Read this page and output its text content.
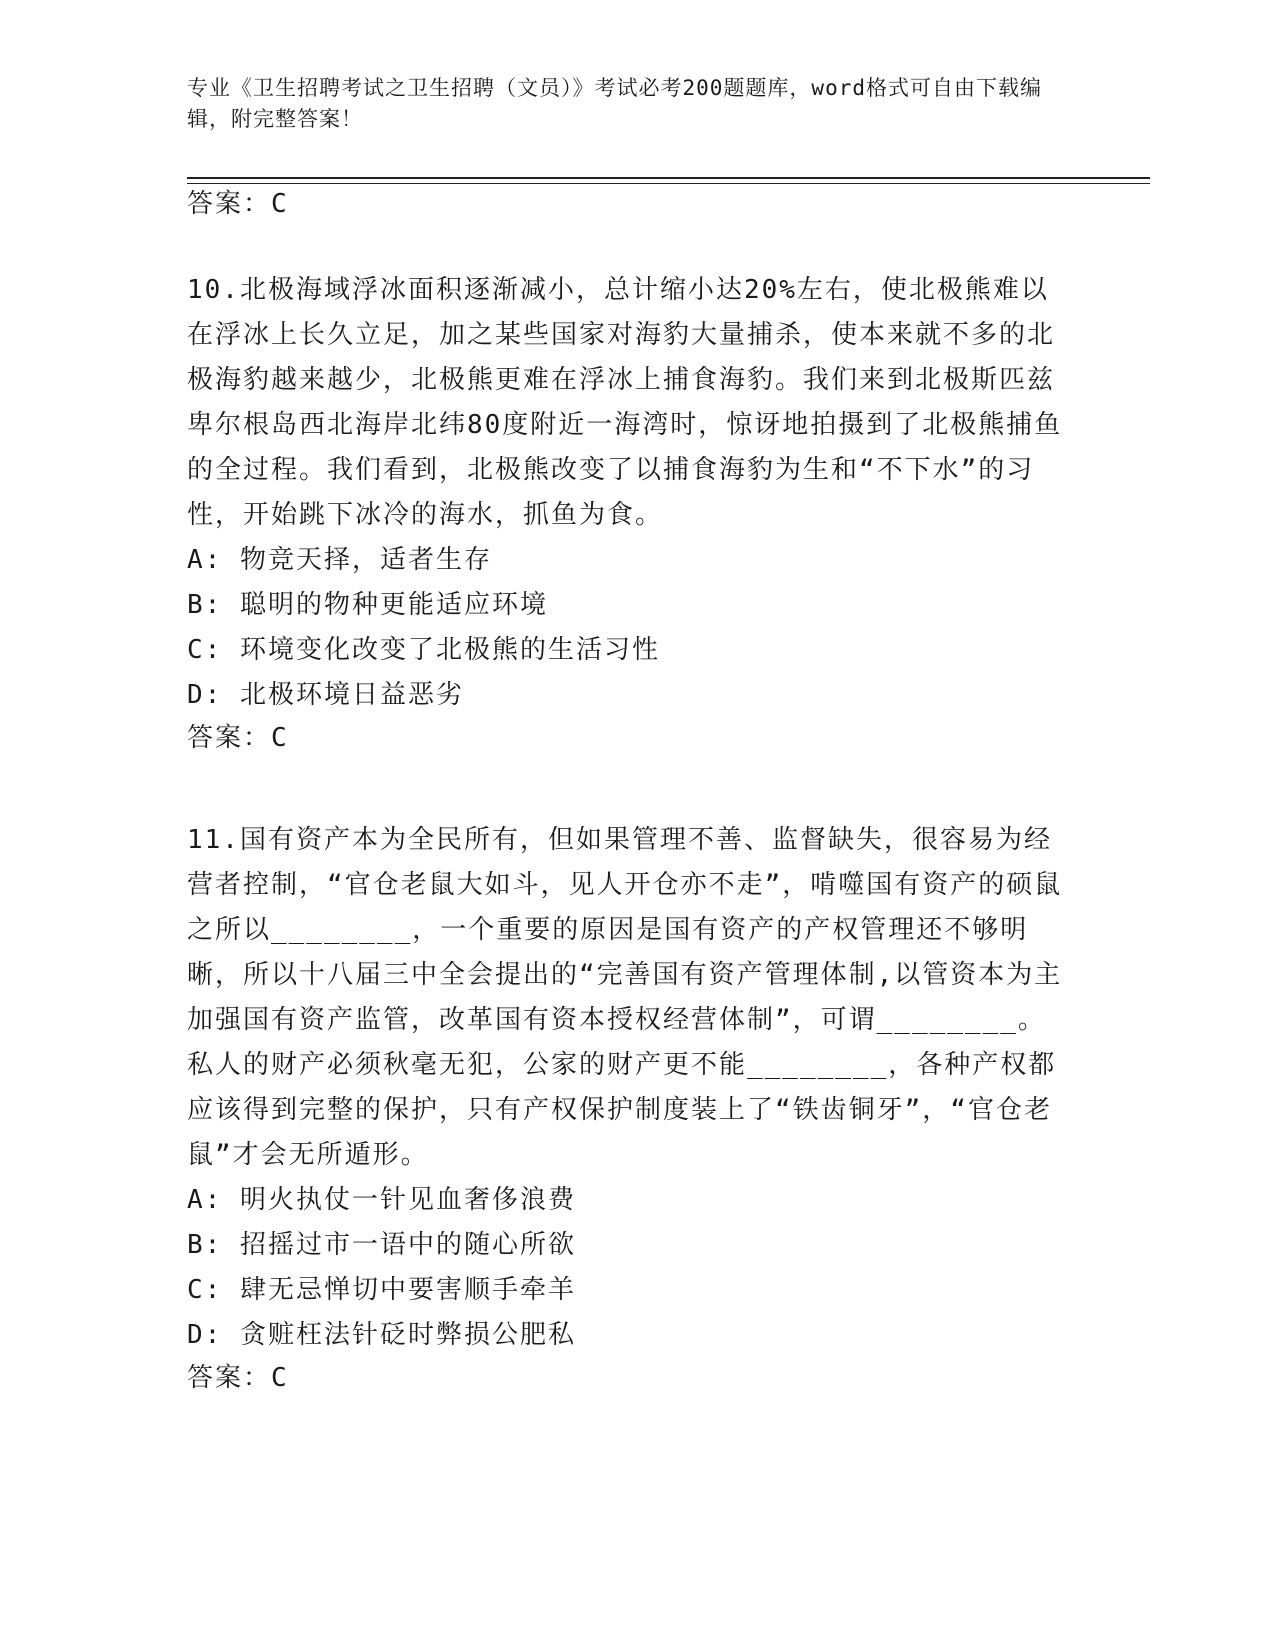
专业《卫生招聘考试之卫生招聘（文员）》考试必考200题题库，word格式可自由下载编辑，附完整答案！
答案：C
10.北极海域浮冰面积逐渐减小，总计缩小达20%左右，使北极熊难以在浮冰上长久立足，加之某些国家对海豹大量捕杀，使本来就不多的北极海豹越来越少，北极熊更难在浮冰上捕食海豹。我们来到北极斯匹兹卑尔根岛西北海岸北纬80度附近一海湾时，惊讶地拍摄到了北极熊捕鱼的全过程。我们看到，北极熊改变了以捕食海豹为生和“不下水”的习性，开始跳下冰冷的海水，抓鱼为食。
A: 物竞天择，适者生存
B: 聪明的物种更能适应环境
C: 环境变化改变了北极熊的生活习性
D: 北极环境日益恶劣
答案：C
11.国有资产本为全民所有，但如果管理不善、监督缺失，很容易为经营者控制，“官仓老鼠大如斗，见人开仓亦不走”，啃噬国有资产的硕鼠之所以________，一个重要的原因是国有资产的产权管理还不够明晰，所以十八届三中全会提出的“完善国有资产管理体制,以管资本为主加强国有资产监管，改革国有资本授权经营体制”，可谓________。私人的财产必须秋毫无犯，公家的财产更不能________，各种产权都应该得到完整的保护，只有产权保护制度装上了“铁齿铜牙”，“官仓老鼠”才会无所遁形。
A: 明火执仗一针见血奢侈浪费
B: 招摇过市一语中的随心所欲
C: 肆无忌惮切中要害顺手牵羊
D: 贪赃枉法针砭时弊损公肥私
答案：C
